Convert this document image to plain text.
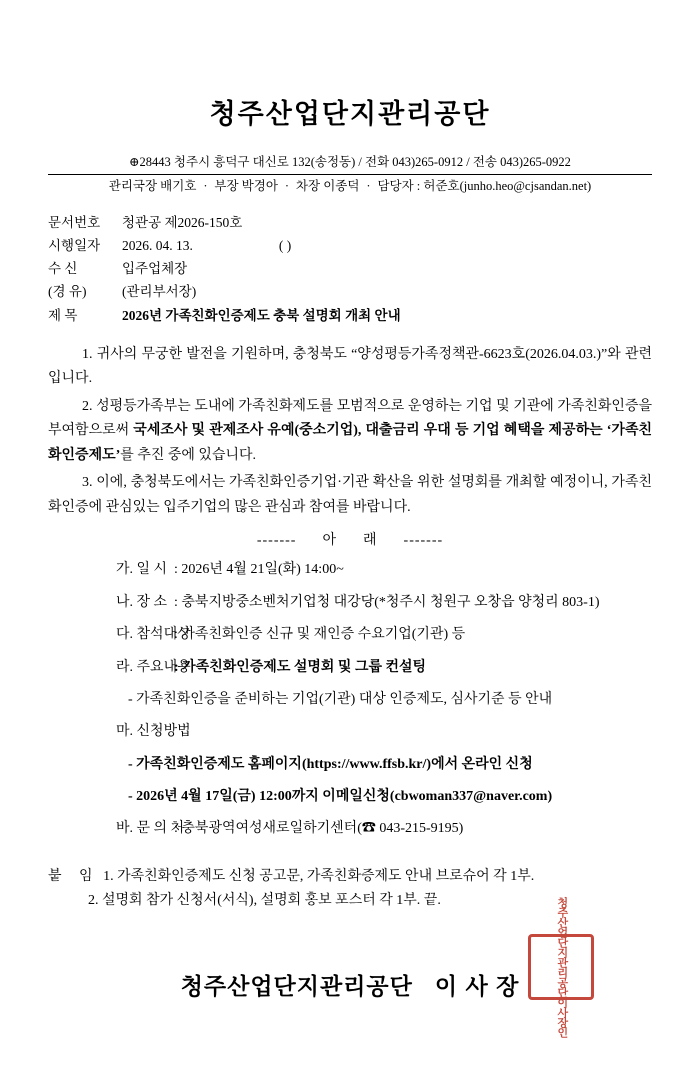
청주산업단지관리공단
⊕ 28443 청주시 흥덕구 대신로 132(송정동) / 전화 043)265-0912 / 전송 043)265-0922
관리국장 배기호 · 부장 박경아 · 차장 이종덕 · 담당자 : 허준호(junho.heo@cjsandan.net)
문서번호	청관공 제2026-150호
시행일자	2026. 04. 13.	( )
수 신	입주업체장
(경 유)	(관리부서장)
제 목	2026년 가족친화인증제도 충북 설명회 개최 안내

1. 귀사의 무궁한 발전을 기원하며, 충청북도 “양성평등가족정책관-6623호(2026.04.03.)”와 관련입니다.

2. 성평등가족부는 도내에 가족친화제도를 모범적으로 운영하는 기업 및 기관에 가족친화인증을 부여함으로써 국세조사 및 관제조사 유예(중소기업), 대출금리 우대 등 기업 혜택을 제공하는 ‘가족친화인증제도’를 추진 중에 있습니다.

3. 이에, 충청북도에서는 가족친화인증기업·기관 확산을 위한 설명회를 개최할 예정이니, 가족친화인증에 관심있는 입주기업의 많은 관심과 참여를 바랍니다.

------- 아 래 -------
가. 일 시 : 2026년 4월 21일(화) 14:00~
나. 장 소 : 충북지방중소벤처기업청 대강당(*청주시 청원구 오창읍 양청리 803-1)
다. 참석대상: 가족친화인증 신규 및 재인증 수요기업(기관) 등
라. 주요내용: 가족친화인증제도 설명회 및 그룹 컨설팅
- 가족친화인증을 준비하는 기업(기관) 대상 인증제도, 심사기준 등 안내
마. 신청방법
- 가족친화인증제도 홈페이지(https://www.ffsb.kr/)에서 온라인 신청
- 2026년 4월 17일(금) 12:00까지 이메일신청(cbwoman337@naver.com)
바. 문 의 처: 충북광역여성새로일하기센터(☎ 043-215-9195)
붙 임 1. 가족친화인증제도 신청 공고문, 가족친화증제도 안내 브로슈어 각 1부.
2. 설명회 참가 신청서(서식), 설명회 홍보 포스터 각 1부. 끝.
청주산업단지관리공단 이 사 장	청주산업단지관리공단이사장인
